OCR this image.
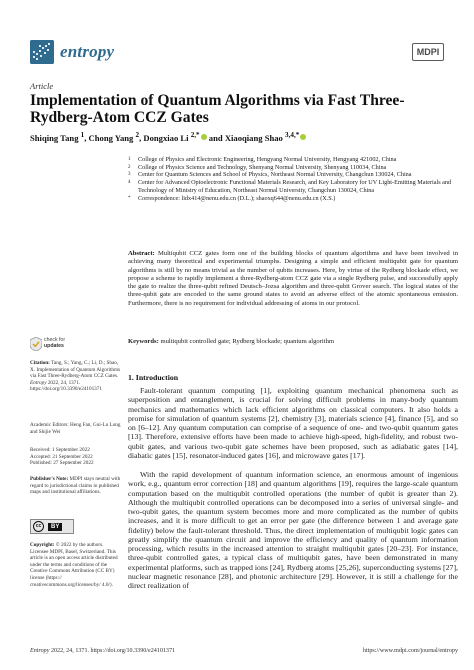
entropy	MDPI
Article
Implementation of Quantum Algorithms via Fast Three-Rydberg-Atom CCZ Gates
Shiqing Tang $^1$, Chong Yang $^2$, Dongxiao Li $^{2,*}$ and Xiaoqiang Shao $^{3,4,*}$
1	College of Physics and Electronic Engineering, Hengyang Normal University, Hengyang 421002, China
2	College of Physics Science and Technology, Shenyang Normal University, Shenyang 110034, China
3	Center for Quantum Sciences and School of Physics, Northeast Normal University, Changchun 130024, China
4	Center for Advanced Optoelectronic Functional Materials Research, and Key Laboratory for UV Light-Emitting Materials and Technology of Ministry of Education, Northeast Normal University, Changchun 130024, China
*	Correspondence: lidx414@nenu.edu.cn (D.L.); shaoxq644@nenu.edu.cn (X.S.)
Abstract: Multiqubit CCZ gates form one of the building blocks of quantum algorithms and have been involved in achieving many theoretical and experimental triumphs. Designing a simple and efficient multiqubit gate for quantum algorithms is still by no means trivial as the number of qubits increases. Here, by virtue of the Rydberg blockade effect, we propose a scheme to rapidly implement a three-Rydberg-atom CCZ gate via a single Rydberg pulse, and successfully apply the gate to realize the three-qubit refined Deutsch–Jozsa algorithm and three-qubit Grover search. The logical states of the three-qubit gate are encoded to the same ground states to avoid an adverse effect of the atomic spontaneous emission. Furthermore, there is no requirement for individual addressing of atoms in our protocol.
Keywords: multiqubit controlled gate; Rydberg blockade; quantum algorithm
check for
updates
Citation: Tang, S.; Yang, C.; Li, D.; Shao, X. Implementation of Quantum Algorithms via Fast Three-Rydberg-Atom CCZ Gates. Entropy 2022, 24, 1371. https://doi.org/10.3390/e24101371
Academic Editors: Heng Fan, Gui-Lu Long and Shijie Wei
Received: 1 September 2022
Accepted: 21 September 2022
Published: 27 September 2022
Publisher's Note: MDPI stays neutral with regard to jurisdictional claims in published maps and institutional affiliations.
cc	BY
Copyright: © 2022 by the authors. Licensee MDPI, Basel, Switzerland. This article is an open access article distributed under the terms and conditions of the Creative Commons Attribution (CC BY) license (https:// creativecommons.org/licenses/by/ 4.0/).
1. Introduction
Fault-tolerant quantum computing [1], exploiting quantum mechanical phenomena such as superposition and entanglement, is crucial for solving difficult problems in many-body quantum mechanics and mathematics which lack efficient algorithms on classical computers. It also holds a promise for simulation of quantum systems [2], chemistry [3], materials science [4], finance [5], and so on [6–12]. Any quantum computation can comprise of a sequence of one- and two-qubit quantum gates [13]. Therefore, extensive efforts have been made to achieve high-speed, high-fidelity, and robust two-qubit gates, and various two-qubit gate schemes have been proposed, such as adiabatic gates [14], diabatic gates [15], resonator-induced gates [16], and microwave gates [17].
With the rapid development of quantum information science, an enormous amount of ingenious work, e.g., quantum error correction [18] and quantum algorithms [19], requires the large-scale quantum computation based on the multiqubit controlled operations (the number of qubit is greater than 2). Although the multiqubit controlled operations can be decomposed into a series of universal single- and two-qubit gates, the quantum system becomes more and more complicated as the number of qubits increases, and it is more difficult to get an error per gate (the difference between 1 and average gate fidelity) below the fault-tolerant threshold. Thus, the direct implementation of multiqubit logic gates can greatly simplify the quantum circuit and improve the efficiency and quality of quantum information processing, which results in the increased attention to straight multiqubit gates [20–23]. For instance, three-qubit controlled gates, a typical class of multiqubit gates, have been demonstrated in many experimental platforms, such as trapped ions [24], Rydberg atoms [25,26], superconducting systems [27], nuclear magnetic resonance [28], and photonic architecture [29]. However, it is still a challenge for the direct realization of
Entropy 2022, 24, 1371. https://doi.org/10.3390/e24101371	https://www.mdpi.com/journal/entropy
